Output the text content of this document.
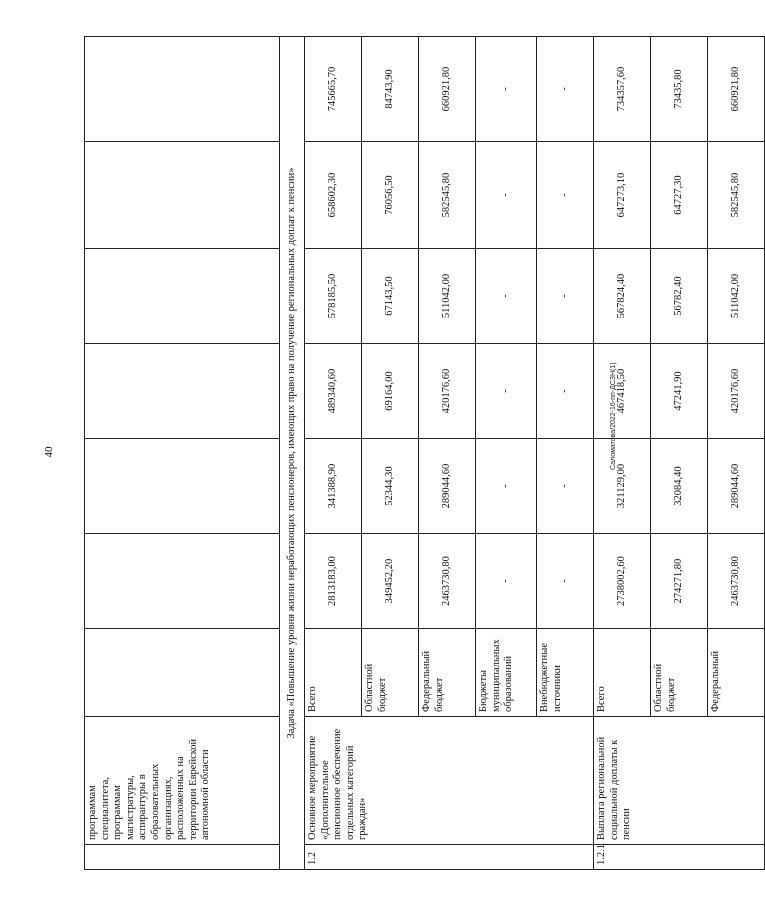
40	Саломатова/2022-16-пп-ДСЗН(1)
	программам специалитета, программам магистратуры, аспирантуры в образовательных организациях, расположенных на территории Еврейской автономной области							
Задача «Повышение уровня жизни неработающих пенсионеров, имеющих право на получение региональных доплат к пенсии»								
1.2	Основное мероприятие «Дополнительное пенсионное обеспечение отдельных категорий граждан»	Всего	2813183,00	341388,90	489340,60	578185,50	658602,30	745665,70
		Областной бюджет	349452,20	52344,30	69164,00	67143,50	76056,50	84743,90
		Федеральный бюджет	2463730,80	289044,60	420176,60	511042,00	582545,80	660921,80
		Бюджеты муниципальных образований	-	-	-	-	-	-
		Внебюджетные источники	-	-	-	-	-	-
1.2.1	Выплата региональной социальной доплаты к пенсии	Всего	2738002,60	321129,00	467418,50	567824,40	647273,10	734357,60
		Областной бюджет	274271,80	32084,40	47241,90	56782,40	64727,30	73435,80
		Федеральный	2463730,80	289044,60	420176,60	511042,00	582545,80	660921,80
